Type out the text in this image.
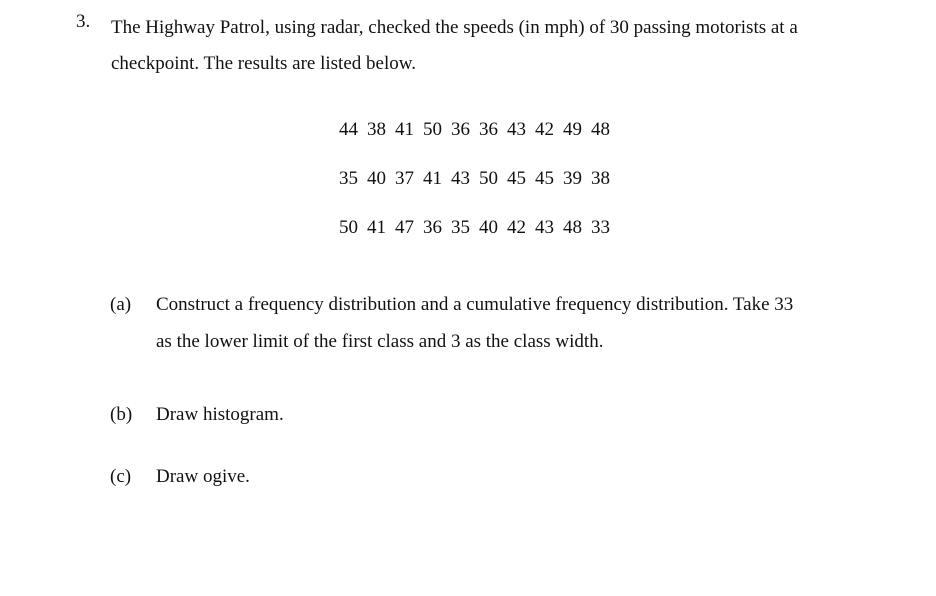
3. The Highway Patrol, using radar, checked the speeds (in mph) of 30 passing motorists at a
checkpoint. The results are listed below.
44 38 41 50 36 36 43 42 49 48
35 40 37 41 43 50 45 45 39 38
50 41 47 36 35 40 42 43 48 33
(a) Construct a frequency distribution and a cumulative frequency distribution. Take 33
as the lower limit of the first class and 3 as the class width.
(b) Draw histogram.
(c) Draw ogive.
